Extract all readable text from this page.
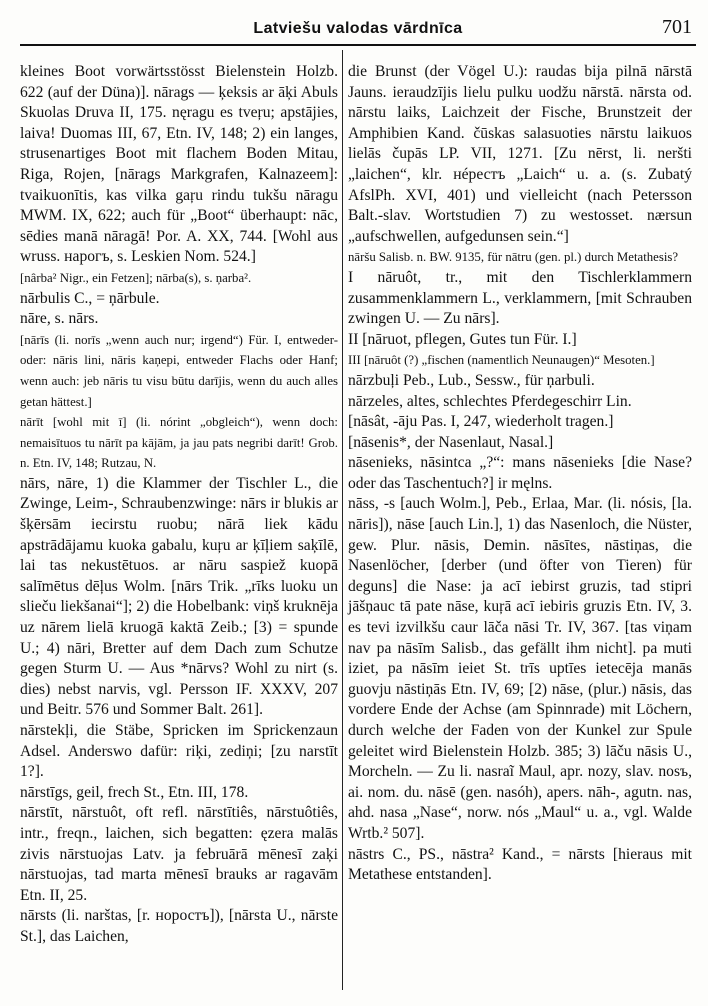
Latviešu valodas vārdnīca	701

kleines Boot vorwärtsstösst Bielenstein Holzb. 622 (auf der Düna)]. nārags — ķeksis ar āķi Abuls Skuolas Druva II, 175. nęragu es tveŗu; apstājies, laiva! Duomas III, 67, Etn. IV, 148; 2) ein langes, strusenartiges Boot mit flachem Boden Mitau, Riga, Rojen, [nārags Markgrafen, Kalnazeem]: tvaikuonītis, kas vilka gaŗu rindu tukšu nāragu MWM. IX, 622; auch für „Boot“ überhaupt: nāc, sēdies manā nāragā! Por. A. XX, 744. [Wohl aus wruss. нарогъ, s. Leskien Nom. 524.]

[nârba² Nigr., ein Fetzen]; nārba(s), s. ņarba².

nārbulis C., = ņārbule.

nāre, s. nārs.

[nārīs (li. norīs „wenn auch nur; irgend“) Für. I, entweder-oder: nāris lini, nāris kaņepi, entweder Flachs oder Hanf; wenn auch: jeb nāris tu visu būtu darījis, wenn du auch alles getan hättest.]

nārīt [wohl mit ī] (li. nórint „obgleich“), wenn doch: nemaisītuos tu nārīt pa kājām, ja jau pats negribi darīt! Grob. n. Etn. IV, 148; Rutzau, N.

nārs, nāre, 1) die Klammer der Tischler L., die Zwinge, Leim-, Schraubenzwinge: nārs ir blukis ar šķērsām iecirstu ruobu; nārā liek kādu apstrādājamu kuoka gabalu, kuŗu ar ķīļiem saķīlē, lai tas nekustētuos. ar nāru saspiež kuopā salīmētus dēļus Wolm. [nārs Trik. „rīks luoku un slieču liekšanai“]; 2) die Hobelbank: viņš kruknēja uz nārem lielā kruogā kaktā Zeib.; [3) = spunde U.; 4) nāri, Bretter auf dem Dach zum Schutze gegen Sturm U. — Aus *nārvs? Wohl zu nirt (s. dies) nebst narvis, vgl. Persson IF. XXXV, 207 und Beitr. 576 und Sommer Balt. 261].

nārstekļi, die Stäbe, Spricken im Sprickenzaun Adsel. Anderswo dafür: riķi, zediņi; [zu narstīt 1?].

nārstīgs, geil, frech St., Etn. III, 178.

nārstīt, nārstuôt, oft refl. nārstītiês, nārstuôtiês, intr., freqn., laichen, sich begatten: ęzera malās zivis nārstuojas Latv. ja februārā mēnesī zaķi nārstuojas, tad marta mēnesī brauks ar ragavām Etn. II, 25.

nārsts (li. narštas, [r. норостъ]), [nārsta U., nārste St.], das Laichen,

die Brunst (der Vögel U.): raudas bija pilnā nārstā Jauns. ieraudzījis lielu pulku uodžu nārstā. nārsta od. nārstu laiks, Laichzeit der Fische, Brunstzeit der Amphibien Kand. čūskas salasuoties nārstu laikuos lielās čupās LP. VII, 1271. [Zu nērst, li. neršti „laichen“, klr. нéрестъ „Laich“ u. a. (s. Zubatý AfslPh. XVI, 401) und vielleicht (nach Petersson Balt.-slav. Wortstudien 7) zu westosset. nærsun „aufschwellen, aufgedunsen sein.“]

nāršu Salisb. n. BW. 9135, für nātru (gen. pl.) durch Metathesis?

I nāruôt, tr., mit den Tischlerklammern zusammenklammern L., verklammern, [mit Schrauben zwingen U. — Zu nārs].

II [nāruot, pflegen, Gutes tun Für. I.]

III [nāruôt (?) „fischen (namentlich Neunaugen)“ Mesoten.]

nārzbuļi Peb., Lub., Sessw., für ņarbuli.

nārzeles, altes, schlechtes Pferdegeschirr Lin.

[nāsât, -āju Pas. I, 247, wiederholt tragen.]

[nāsenis*, der Nasenlaut, Nasal.]

nāsenieks, nāsintca „?“: mans nāsenieks [die Nase? oder das Taschentuch?] ir męlns.

nāss, -s [auch Wolm.], Peb., Erlaa, Mar. (li. nósis, [la. nāris]), nāse [auch Lin.], 1) das Nasenloch, die Nüster, gew. Plur. nāsis, Demin. nāsītes, nāstiņas, die Nasenlöcher, [derber (und öfter von Tieren) für deguns] die Nase: ja acī iebirst gruzis, tad stipri jāšņauc tā pate nāse, kuŗā acī iebiris gruzis Etn. IV, 3. es tevi izvilkšu caur lāča nāsi Tr. IV, 367. [tas viņam nav pa nāsīm Salisb., das gefällt ihm nicht]. pa muti iziet, pa nāsīm ieiet St. trīs uptīes ietecēja manās guovju nāstiņās Etn. IV, 69; [2) nāse, (plur.) nāsis, das vordere Ende der Achse (am Spinnrade) mit Löchern, durch welche der Faden von der Kunkel zur Spule geleitet wird Bielenstein Holzb. 385; 3) lāču nāsis U., Morcheln. — Zu li. nasraĩ Maul, apr. nozy, slav. nosъ, ai. nom. du. nāsē (gen. nasóh), apers. nāh-, agutn. nas, ahd. nasa „Nase“, norw. nós „Maul“ u. a., vgl. Walde Wrtb.² 507].

nāstrs C., PS., nāstra² Kand., = nārsts [hieraus mit Metathese entstanden].
